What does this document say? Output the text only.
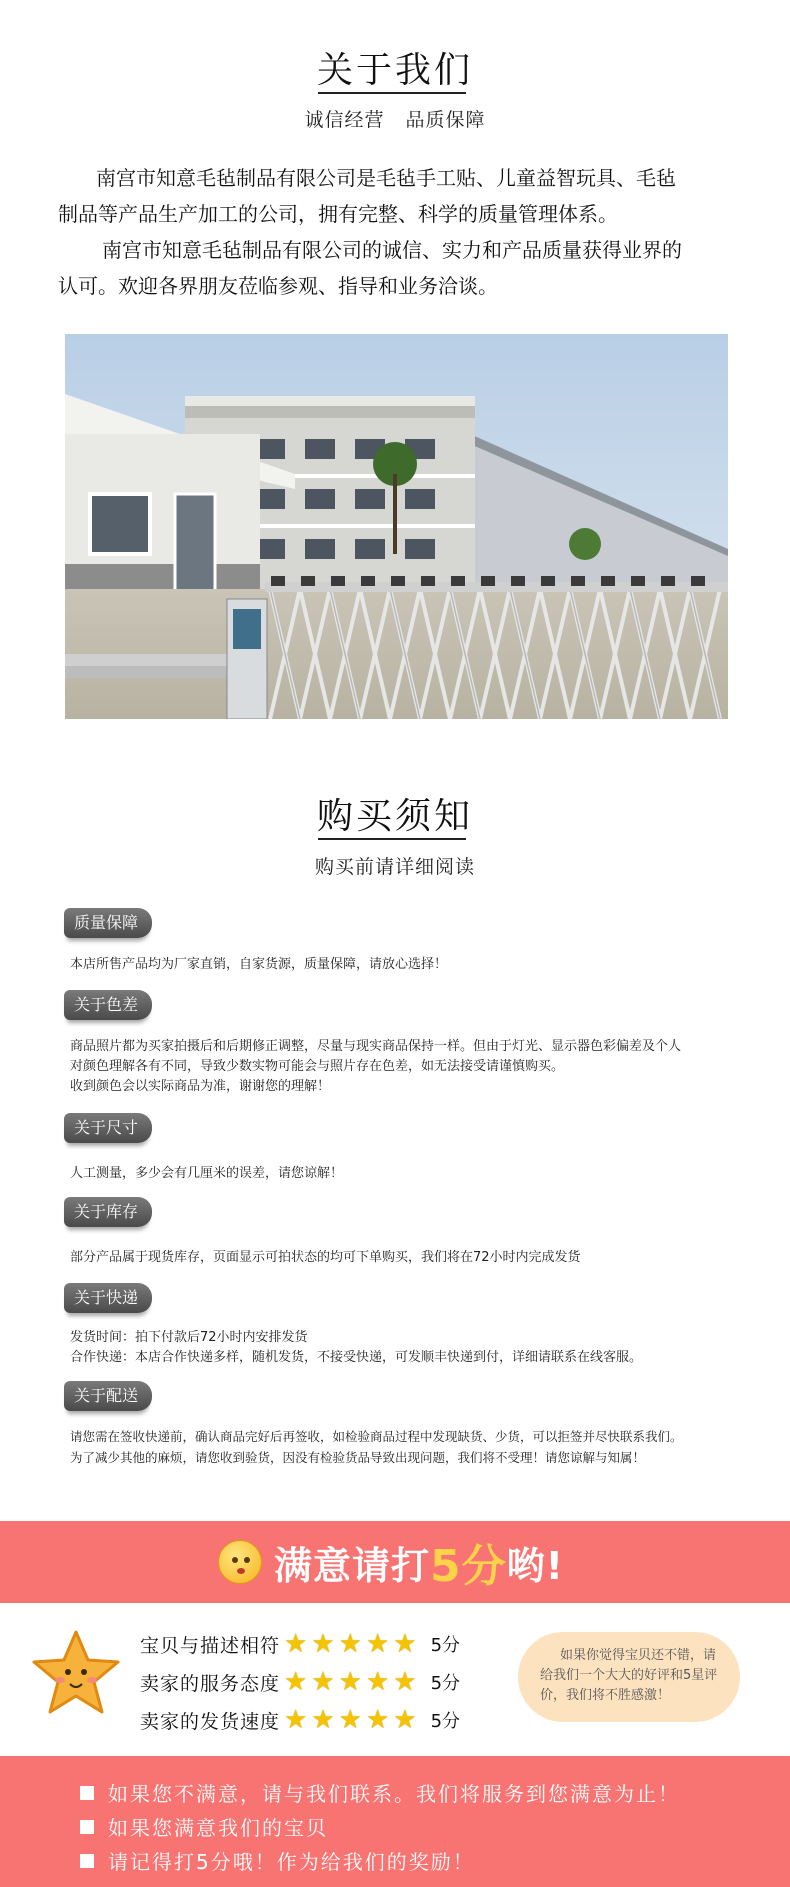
关于我们
诚信经营   品质保障
南宫市知意毛毡制品有限公司是毛毡手工贴、儿童益智玩具、毛毡
制品等产品生产加工的公司，拥有完整、科学的质量管理体系。
南宫市知意毛毡制品有限公司的诚信、实力和产品质量获得业界的
认可。欢迎各界朋友莅临参观、指导和业务洽谈。
购买须知
购买前请详细阅读
质量保障
本店所售产品均为厂家直销，自家货源，质量保障，请放心选择！
关于色差
商品照片都为买家拍摄后和后期修正调整，尽量与现实商品保持一样。但由于灯光、显示器色彩偏差及个人
对颜色理解各有不同，导致少数实物可能会与照片存在色差，如无法接受请谨慎购买。
收到颜色会以实际商品为准，谢谢您的理解！
关于尺寸
人工测量，多少会有几厘米的误差，请您谅解！
关于库存
部分产品属于现货库存，页面显示可拍状态的均可下单购买，我们将在72小时内完成发货
关于快递
发货时间：拍下付款后72小时内安排发货
合作快递：本店合作快递多样，随机发货，不接受快递，可发顺丰快递到付，详细请联系在线客服。
关于配送
请您需在签收快递前，确认商品完好后再签收，如检验商品过程中发现缺货、少货，可以拒签并尽快联系我们。
为了减少其他的麻烦，请您收到验货，因没有检验货品导致出现问题，我们将不受理！请您谅解与知属！
满意请打 5分 哟!
宝贝与描述相符 ★ ★ ★ ★ ★ 5分
卖家的服务态度 ★ ★ ★ ★ ★ 5分
卖家的发货速度 ★ ★ ★ ★ ★ 5分

如果你觉得宝贝还不错，请

给我们一个大大的好评和5星评

价，我们将不胜感激！

如果您不满意，请与我们联系。我们将服务到您满意为止！
如果您满意我们的宝贝
请记得打5分哦！作为给我们的奖励！
